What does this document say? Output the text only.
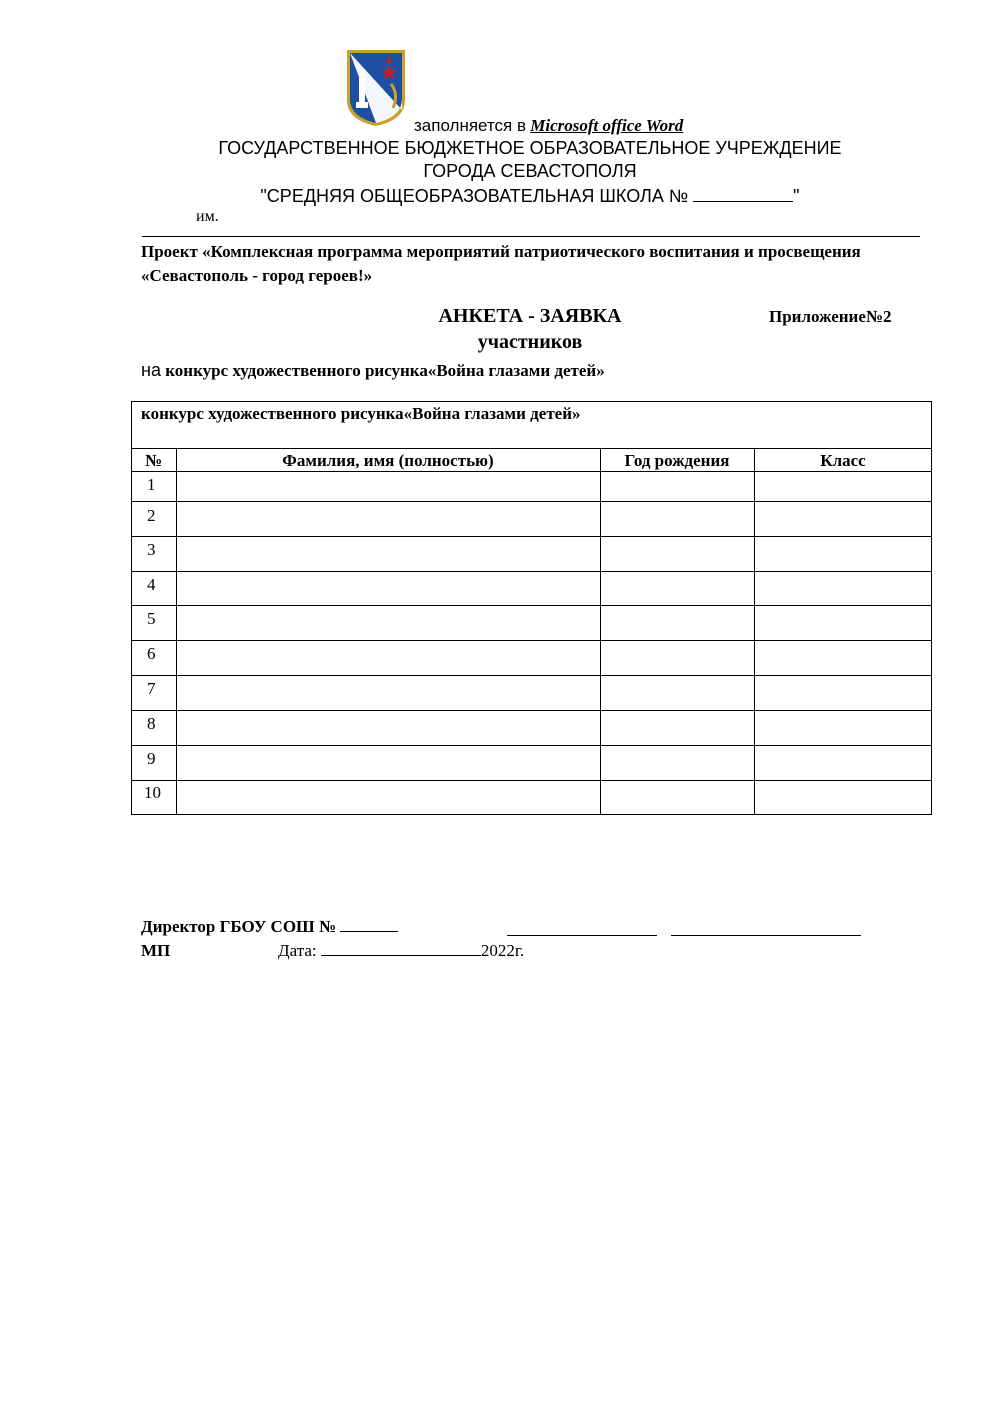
заполняется в Microsoft office Word
ГОСУДАРСТВЕННОЕ БЮДЖЕТНОЕ ОБРАЗОВАТЕЛЬНОЕ УЧРЕЖДЕНИЕ
ГОРОДА СЕВАСТОПОЛЯ
"СРЕДНЯЯ ОБЩЕОБРАЗОВАТЕЛЬНАЯ ШКОЛА №	"
им.
Проект «Комплексная программа мероприятий патриотического воспитания и просвещения «Севастополь - город героев!»
АНКЕТА - ЗАЯВКА	Приложение№2
участников
на конкурс художественного рисунка«Война глазами детей»
конкурс художественного рисунка«Война глазами детей»
№	Фамилия, имя (полностью)	Год рождения	Класс
1
2
3
4
5
6
7
8
9
10
Директор ГБОУ СОШ №
МП	Дата:	2022г.
